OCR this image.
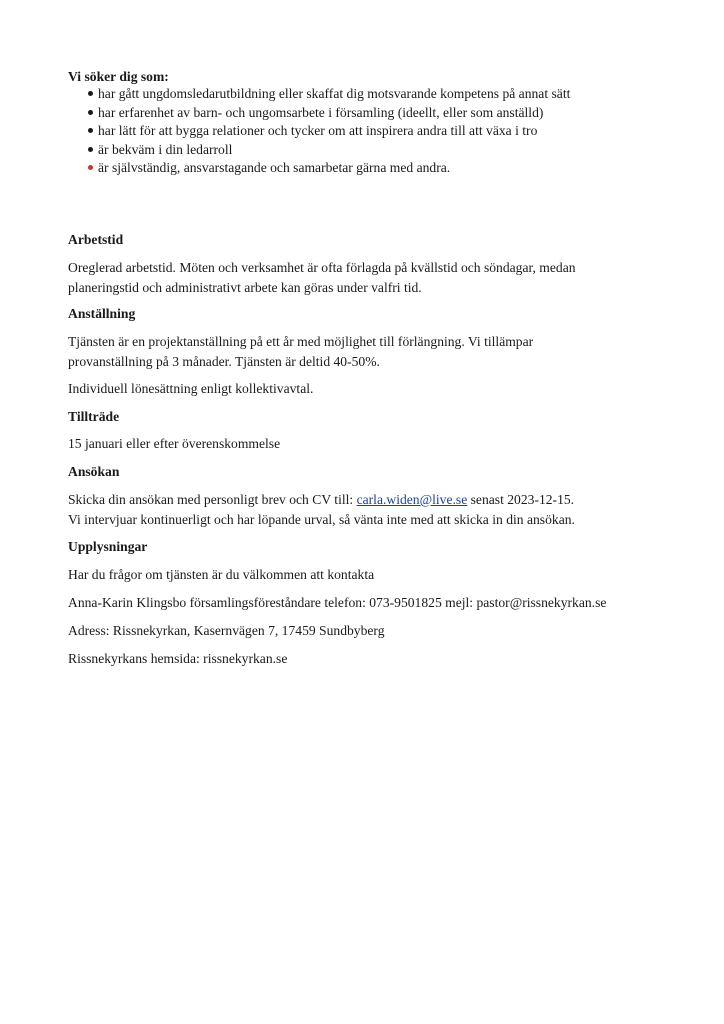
Vi söker dig som:

har gått ungdomsledarutbildning eller skaffat dig motsvarande kompetens på annat sätt
har erfarenhet av barn- och ungomsarbete i församling (ideellt, eller som anställd)
har lätt för att bygga relationer och tycker om att inspirera andra till att växa i tro
är bekväm i din ledarroll
är självständig, ansvarstagande och samarbetar gärna med andra.

Arbetstid

Oreglerad arbetstid. Möten och verksamhet är ofta förlagda på kvällstid och söndagar, medan

planeringstid och administrativt arbete kan göras under valfri tid.

Anställning

Tjänsten är en projektanställning på ett år med möjlighet till förlängning. Vi tillämpar

provanställning på 3 månader. Tjänsten är deltid 40-50%.

Individuell lönesättning enligt kollektivavtal.

Tillträde

15 januari eller efter överenskommelse

Ansökan

Skicka din ansökan med personligt brev och CV till: carla.widen@live.se senast 2023-12-15.

Vi intervjuar kontinuerligt och har löpande urval, så vänta inte med att skicka in din ansökan.

Upplysningar

Har du frågor om tjänsten är du välkommen att kontakta

Anna-Karin Klingsbo församlingsföreståndare telefon: 073-9501825 mejl: pastor@rissnekyrkan.se

Adress: Rissnekyrkan, Kasernvägen 7, 17459 Sundbyberg

Rissnekyrkans hemsida: rissnekyrkan.se
